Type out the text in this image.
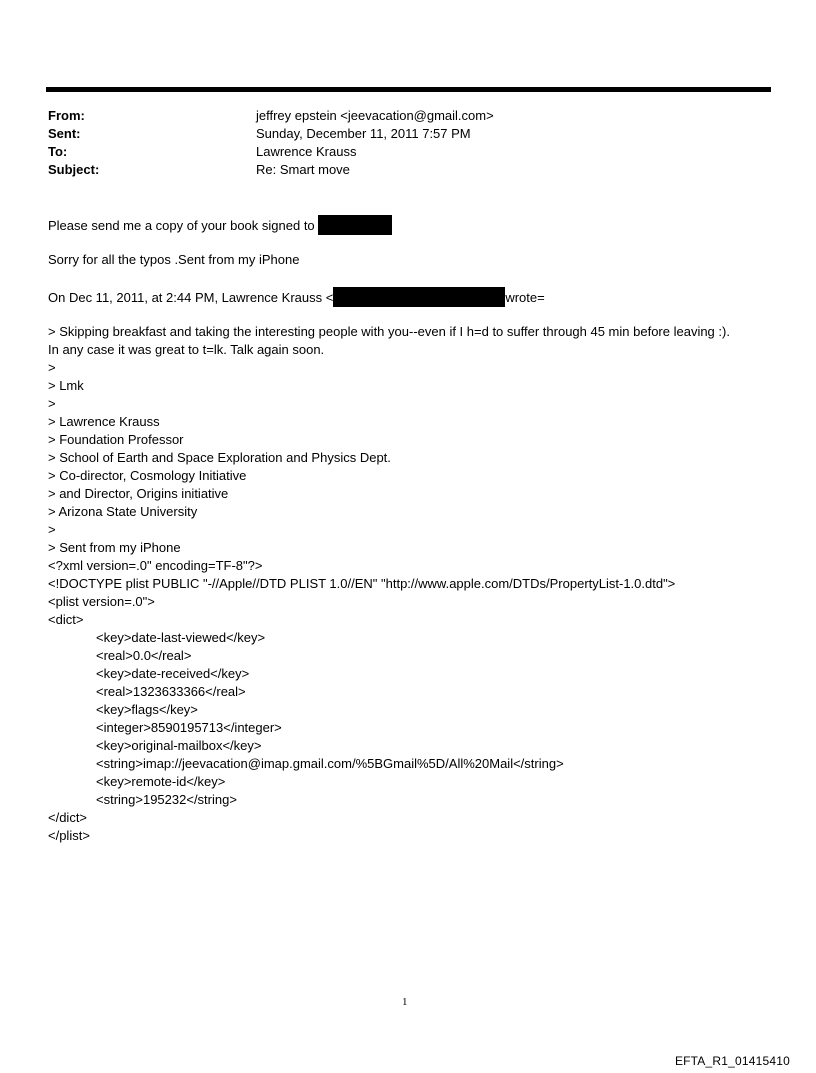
From:	jeffrey epstein <jeevacation@gmail.com>
Sent:	Sunday, December 11, 2011 7:57 PM
To:	Lawrence Krauss
Subject:	Re: Smart move
Please send me a copy of your book signed to
Sorry for all the typos .Sent from my iPhone
On Dec 11, 2011, at 2:44 PM, Lawrence Krauss <	wrote=
> Skipping breakfast and taking the interesting people with you--even if I h=d to suffer through 45 min before leaving :).
In any case it was great to t=lk. Talk again soon.
>
> Lmk
>
> Lawrence Krauss
> Foundation Professor
> School of Earth and Space Exploration and Physics Dept.
> Co-director, Cosmology Initiative
> and Director, Origins initiative
> Arizona State University
>
> Sent from my iPhone
<?xml version=.0" encoding=TF-8"?>
<!DOCTYPE plist PUBLIC "-//Apple//DTD PLIST 1.0//EN" "http://www.apple.com/DTDs/PropertyList-1.0.dtd">
<plist version=.0">
<dict>
<key>date-last-viewed</key>
<real>0.0</real>
<key>date-received</key>
<real>1323633366</real>
<key>flags</key>
<integer>8590195713</integer>
<key>original-mailbox</key>
<string>imap://jeevacation@imap.gmail.com/%5BGmail%5D/All%20Mail</string>
<key>remote-id</key>
<string>195232</string>
</dict>
</plist>
1
EFTA_R1_01415410
